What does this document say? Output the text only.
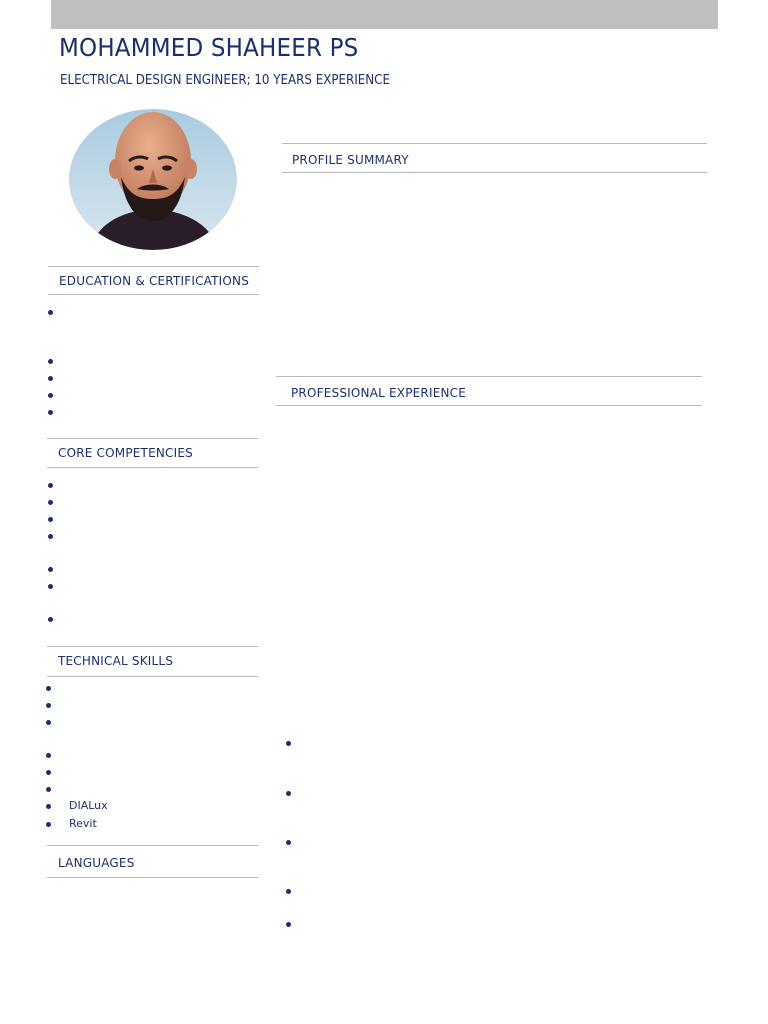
MOHAMMED SHAHEER PS

ELECTRICAL DESIGN ENGINEER; 10 YEARS EXPERIENCE

PROFILE SUMMARY
PROFESSIONAL EXPERIENCE
EDUCATION & CERTIFICATIONS
CORE COMPETENCIES
TECHNICAL SKILLS
LANGUAGES
DIALux
Revit
